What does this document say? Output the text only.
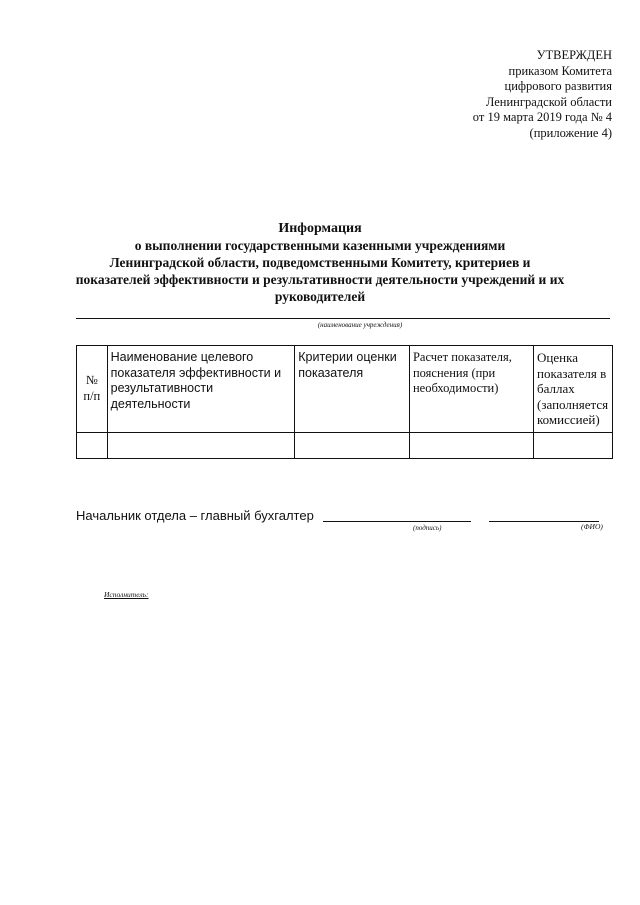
УТВЕРЖДЕН
приказом Комитета
цифрового развития
Ленинградской области
от 19 марта 2019 года № 4
(приложение 4)
Информация
о выполнении государственными казенными учреждениями
Ленинградской области, подведомственными Комитету, критериев и
показателей эффективности и результативности деятельности учреждений и их
руководителей
(наименование учреждения)
№ п/п	Наименование целевого показателя эффективности и результативности деятельности	Критерии оценки показателя	Расчет показателя, пояснения (при необходимости)	Оценка показателя в баллах (заполняется комиссией)

Начальник отдела – главный бухгалтер
(подпись)	(ФИО)
Исполнитель:
